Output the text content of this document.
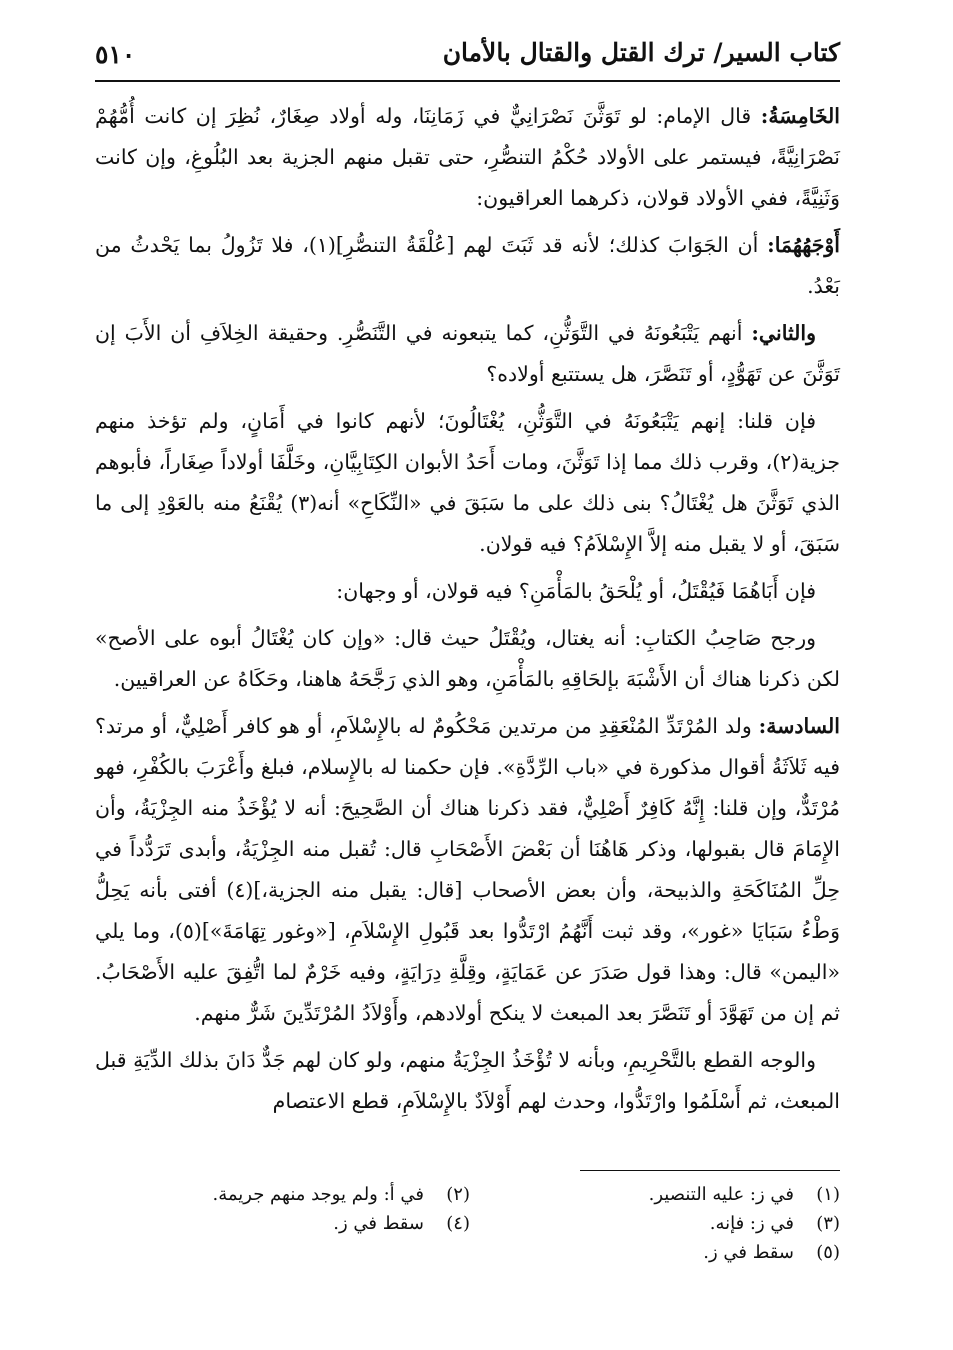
كتاب السير/ ترك القتل والقتال بالأمان
٥١٠

الخَامِسَةُ: قال الإمام: لو تَوَثَّنَ نَصْرَانِيٌّ في زَمَانِنَا، وله أولاد صِغَارٌ، نُظِرَ إن كانت أُمُّهُمْ نَصْرَانِيَّةً، فيستمر على الأولاد حُكْمُ التنصُّرِ، حتى تقبل منهم الجزية بعد البُلُوغِ، وإن كانت وَثَنِيَّةً، ففي الأولاد قولان، ذكرهما العراقيون:

أَوْجَهُهُمَا: أن الجَوَابَ كذلك؛ لأنه قد ثَبَتَ لهم [عُلْقَةُ التنصُّرِ](١)، فلا تَزُولُ بما يَحْدثُ من بَعْدُ.

والثاني: أنهم يَتْبَعُونَهُ في التَّوَثُّنِ، كما يتبعونه في التَّنَصُّرِ. وحقيقة الخِلاَفِ أن الأَبَ إن تَوَثَّنَ عن تَهَوُّدٍ، أو تَنَصَّرَ، هل يستتبع أولاده؟

فإن قلنا: إنهم يَتْبَعُونَهُ في التَّوَثُّنِ، يُغْتَالُونَ؛ لأنهم كانوا في أَمَانٍ، ولم تؤخذ منهم جزية(٢)، وقرب ذلك مما إذا تَوَثَّنَ، ومات أَحَدُ الأبوان الكِتَابِيَّانِ، وخَلَّفَا أولاداً صِغَاراً، فأبوهم الذي تَوَثَّنَ هل يُغْتَالُ؟ بنى ذلك على ما سَبَقَ في «النِّكَاحِ» أنه(٣) يُقْنَعُ منه بالعَوْدِ إلى ما سَبَقَ، أو لا يقبل منه إلاَّ الإِسْلاَمُ؟ فيه قولان.

فإن أَبَاهُمَا فَيُقْتَلُ، أو يُلْحَقُ بالمَأْمَنِ؟ فيه قولان، أو وجهان:

ورجح صَاحِبُ الكتابِ: أنه يغتال، ويُقْتَلُ حيث قال: «وإن كان يُغْتَالُ أبوه على الأصح» لكن ذكرنا هناك أن الأَشْبَهَ بإلحَاقِهِ بالمَأْمَنِ، وهو الذي رَجَّحَهُ هاهنا، وحَكَاهُ عن العراقيين.

السادسة: ولد المُرْتَدِّ المُنْعَقِدِ من مرتدين مَحْكُومٌ له بالإِسْلاَمِ، أو هو كافر أَصْلِيٌّ، أو مرتد؟ فيه ثَلاَثَةُ أقوال مذكورة في «باب الرِّدَّةِ». فإن حكمنا له بالإِسلام، فبلغ وأَعْرَبَ بالكُفْرِ، فهو مُرْتَدٌّ، وإن قلنا: إِنَّهُ كَافِرٌ أَصْلِيٌّ، فقد ذكرنا هناك أن الصَّحِيحَ: أنه لا يُؤْخَذُ منه الجِزْيَةُ، وأن الإِمَامَ قال بقبولها، وذكر هَاهُنَا أن بَعْضَ الأَصْحَابِ قال: تُقبل منه الجِزْيَةُ، وأبدى تَرَدُّداً في حِلِّ المُنَاكَحَةِ والذبيحة، وأن بعض الأصحاب [قال: يقبل منه الجزية،](٤) أفتى بأنه يَحِلُّ وَطْءُ سَبَايَا «غور»، وقد ثبت أَنَّهُمُ ارْتَدُّوا بعد قَبُولِ الإِسْلاَمِ، [«وغور تِهَامَةَ»](٥)، وما يلي «اليمن» قال: وهذا قول صَدَرَ عن عَمَايَةٍ، وقِلَّةِ دِرَايَةٍ، وفيه خَرْمٌ لما اتُّفِقَ عليه الأَصْحَابُ. ثم إن من تَهَوَّدَ أو تَنَصَّرَ بعد المبعث لا ينكح أولادهم، وأَوْلاَدُ المُرْتَدِّينَ شَرٌّ منهم.

والوجه القطع بالتَّحْرِيمِ، وبأنه لا تُؤْخَذُ الجِزْيَةُ منهم، ولو كان لهم جَدٌّ دَانَ بذلك الدِّيَةِ قبل المبعث، ثم أَسْلَمُوا وارْتَدُّوا، وحدث لهم أَوْلاَدٌ بالإِسْلاَمِ، قطع الاعتصام

(١)في ز: عليه التنصير.
(٣)في ز: فإنه.
(٥)سقط في ز.
(٢)في أ: ولم يوجد منهم جريمة.
(٤)سقط في ز.
